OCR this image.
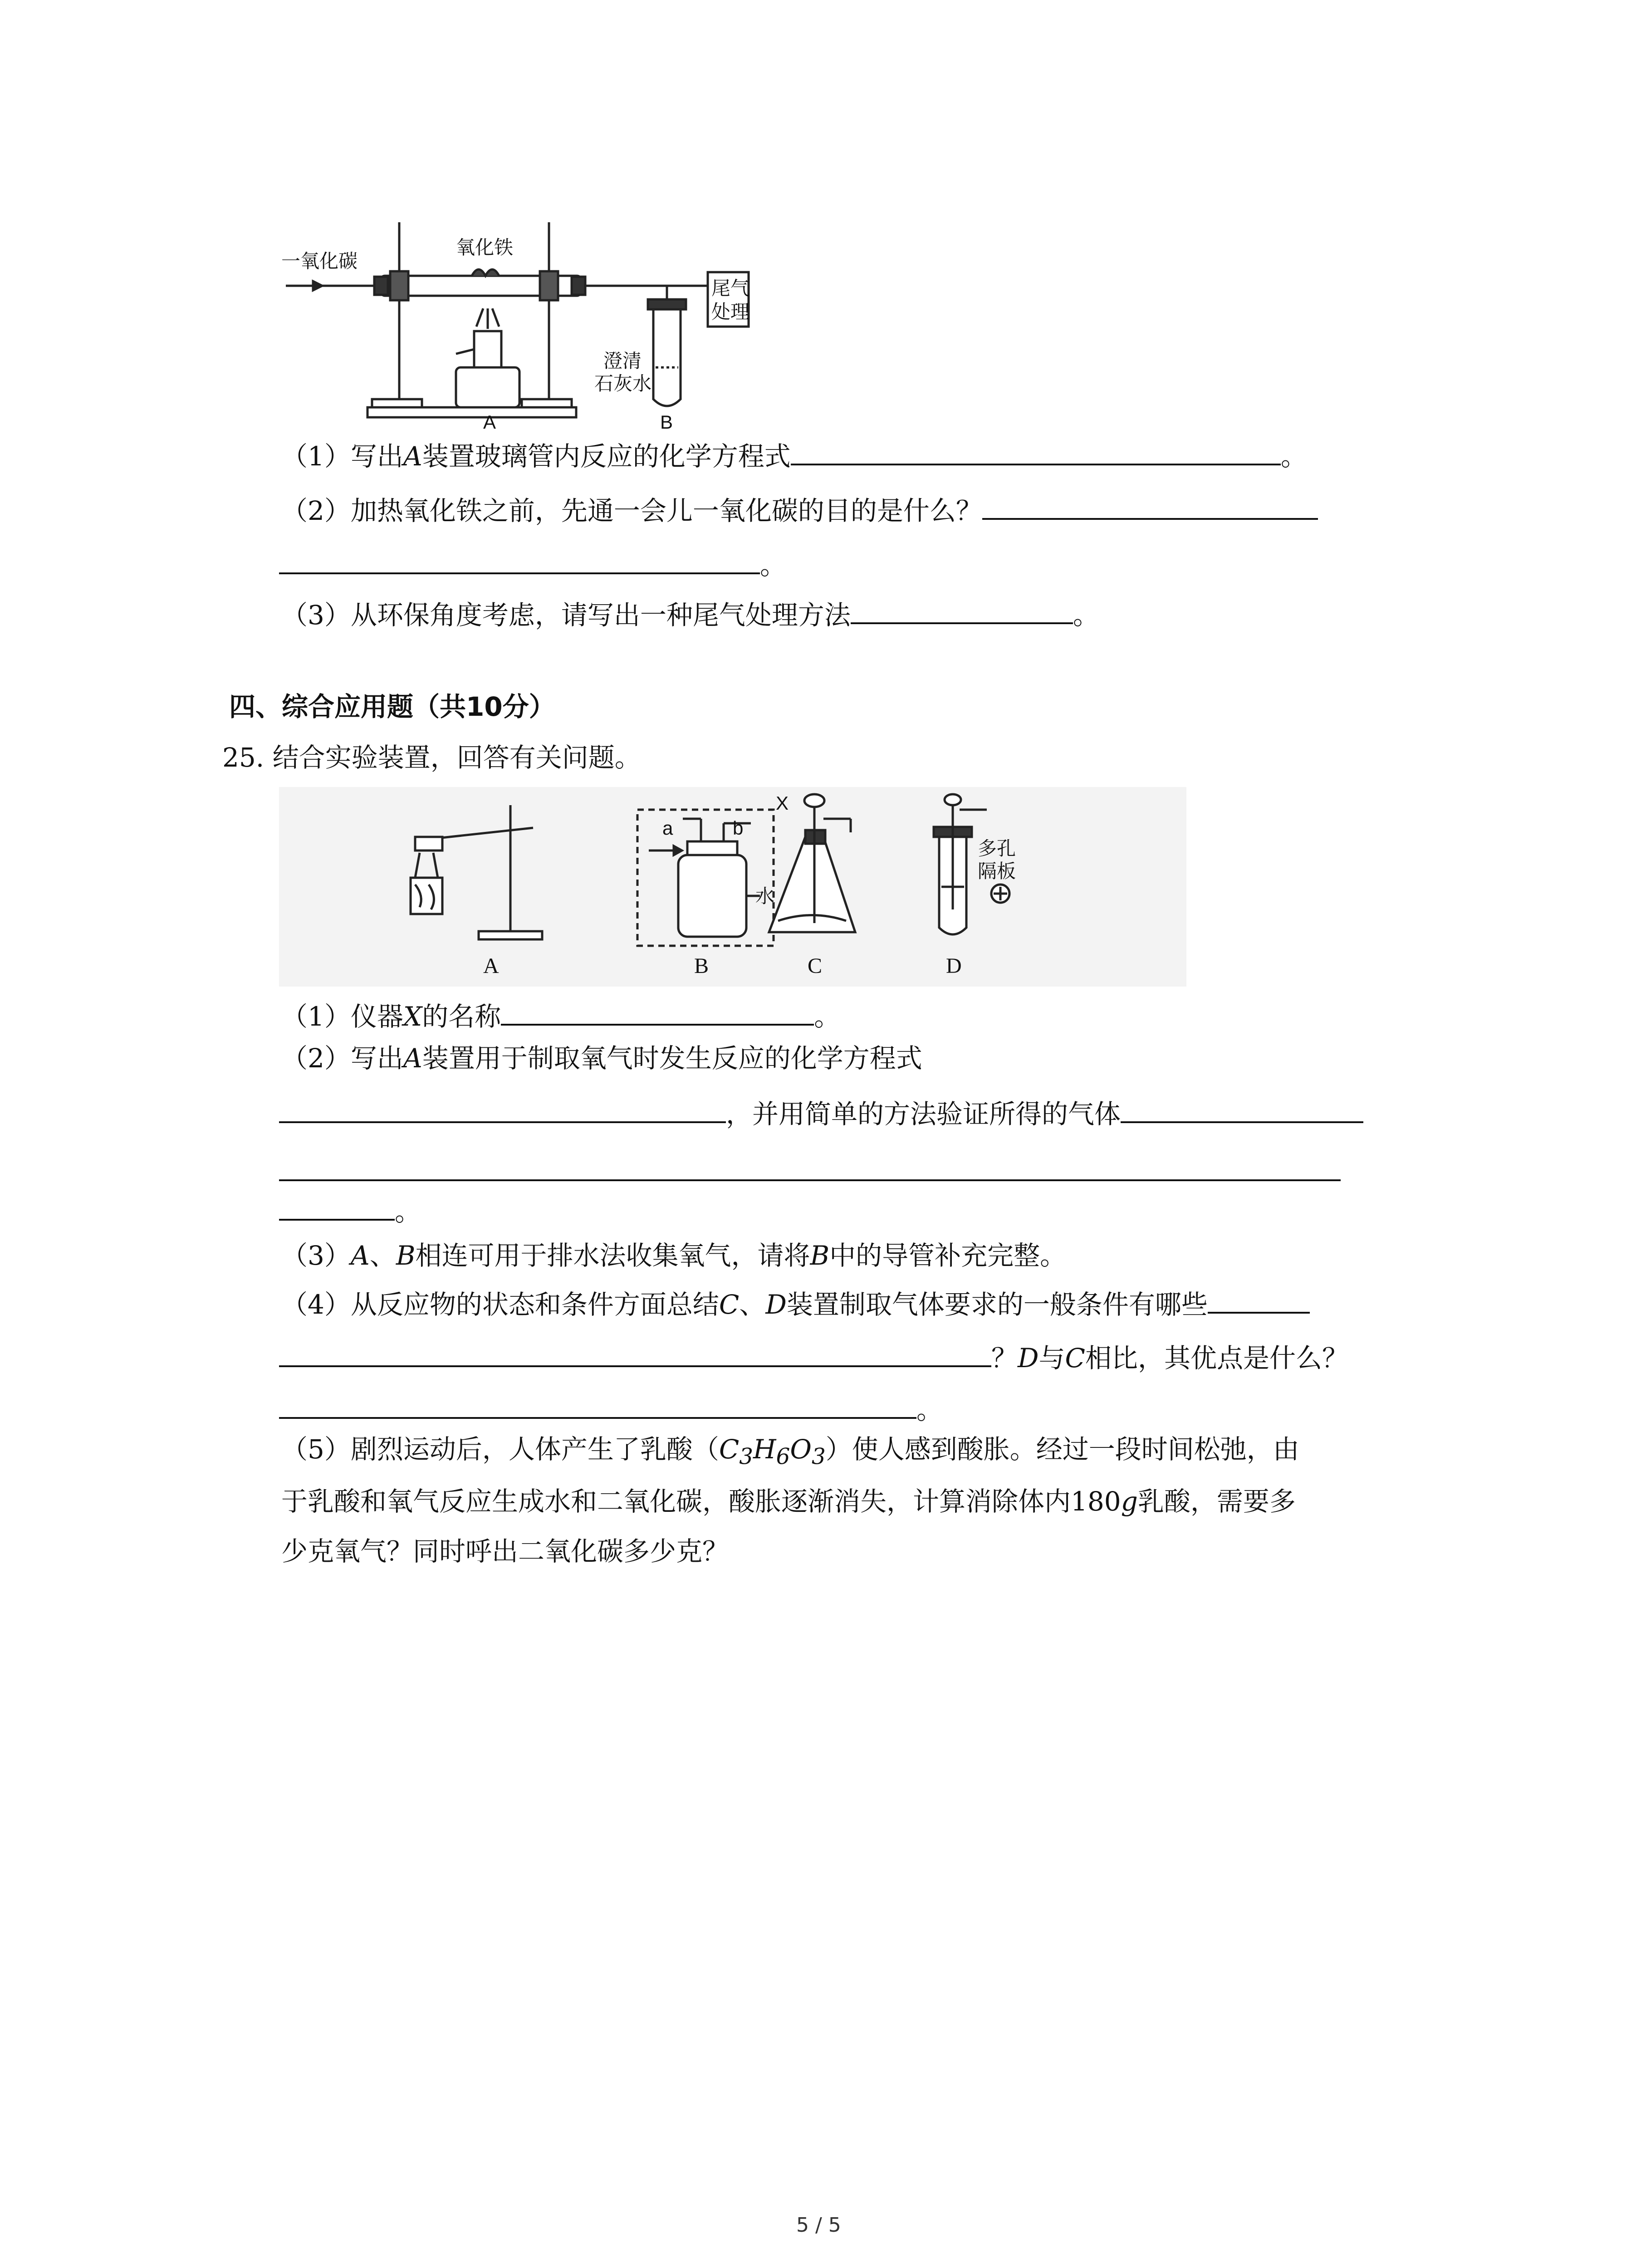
一氧化碳
氧化铁
尾气
处理
澄清
石灰水
A	B
（1）写出A装置玻璃管内反应的化学方程式	。
（2）加热氧化铁之前，先通一会儿一氧化碳的目的是什么？
。
（3）从环保角度考虑，请写出一种尾气处理方法	。
四、综合应用题（共10分）
25. 结合实验装置，回答有关问题。
a	b
水
X
多孔
隔板
A	B	C	D
（1）仪器X的名称	。
（2）写出A装置用于制取氧气时发生反应的化学方程式
，并用简单的方法验证所得的气体
。
（3）A、B相连可用于排水法收集氧气，请将B中的导管补充完整。
（4）从反应物的状态和条件方面总结C、D装置制取气体要求的一般条件有哪些
？D与C相比，其优点是什么？
。
（5）剧烈运动后，人体产生了乳酸$(C_3H_6O_3)$使人感到酸胀。经过一段时间松弛，由
于乳酸和氧气反应生成水和二氧化碳，酸胀逐渐消失，计算消除体内180g乳酸，需要多
少克氧气？同时呼出二氧化碳多少克？
5 / 5
